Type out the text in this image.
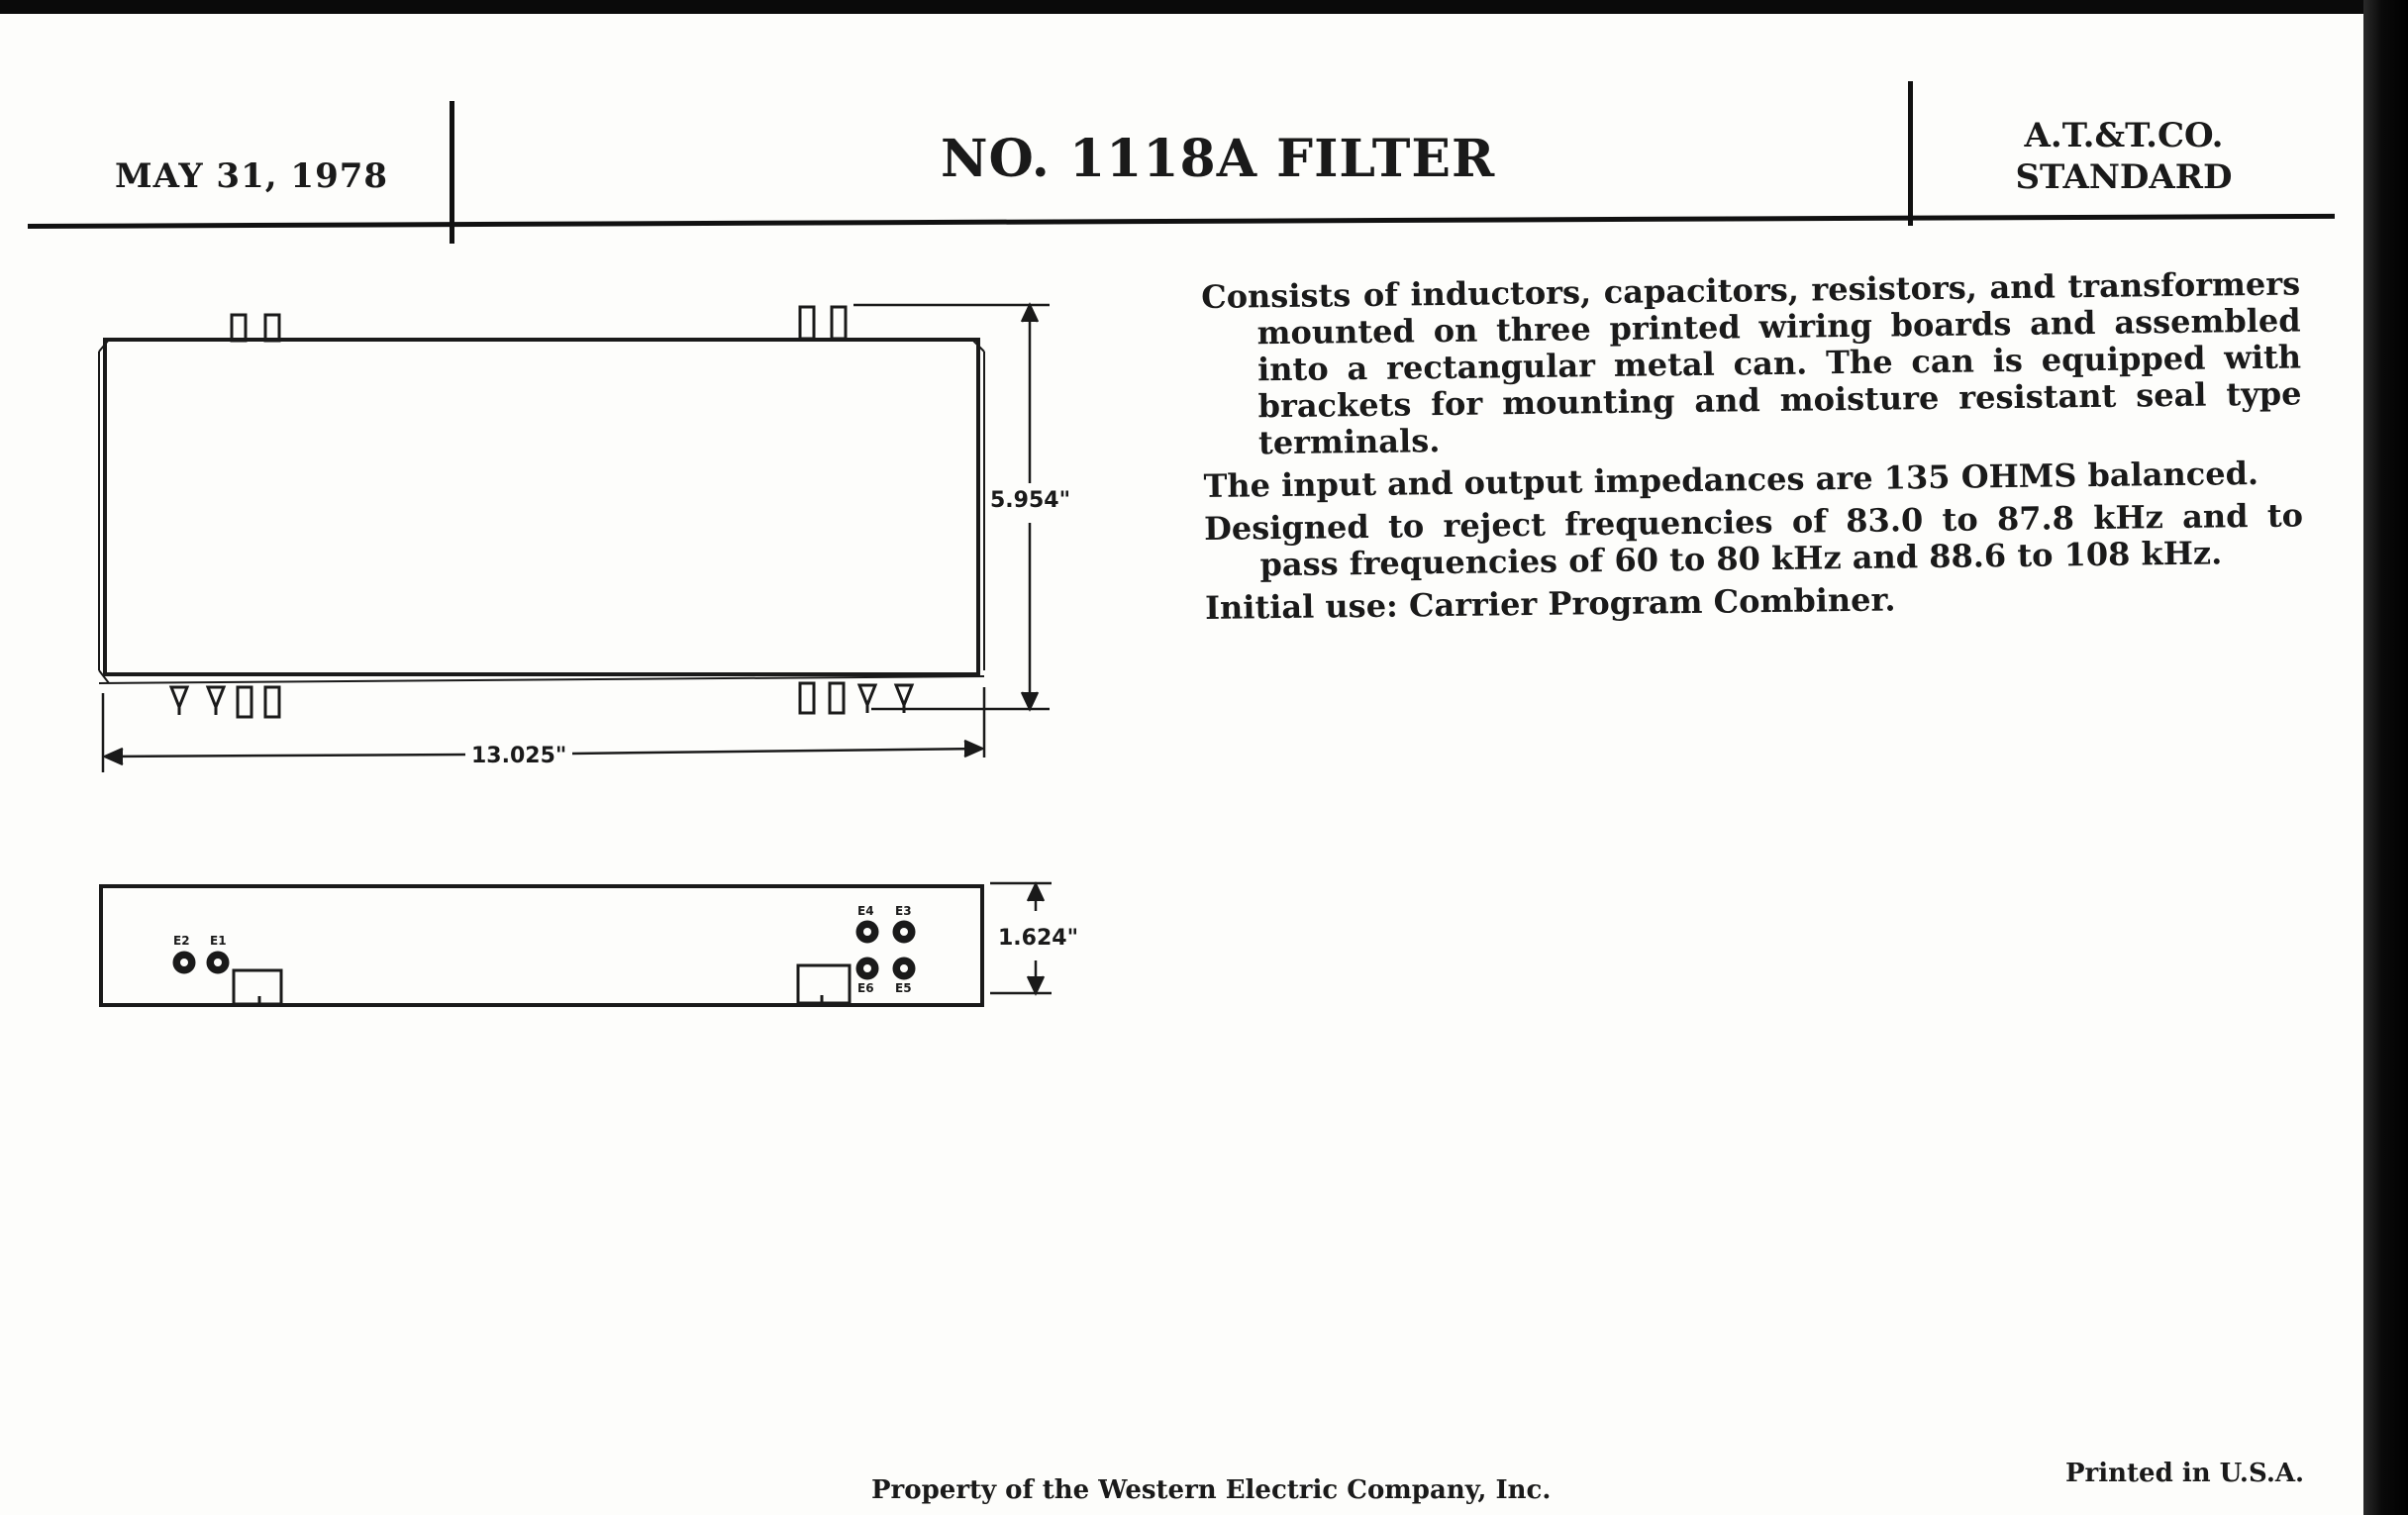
MAY 31, 1978	NO. 1118A FILTER	A.T.&T.CO.
STANDARD
5.954"
13.025"
1.624"
E2 E1
E4 E3
E6 E5

Consists of inductors, capacitors, resistors, and transformers mounted on three printed wiring boards and assembled into a rectangular metal can. The can is equipped with brackets for mounting and moisture resistant seal type terminals.

The input and output impedances are 135 OHMS balanced.

Designed to reject frequencies of 83.0 to 87.8 kHz and to pass frequencies of 60 to 80 kHz and 88.6 to 108 kHz.

Initial use: Carrier Program Combiner.

Property of the Western Electric Company, Inc.
Printed in U.S.A.
